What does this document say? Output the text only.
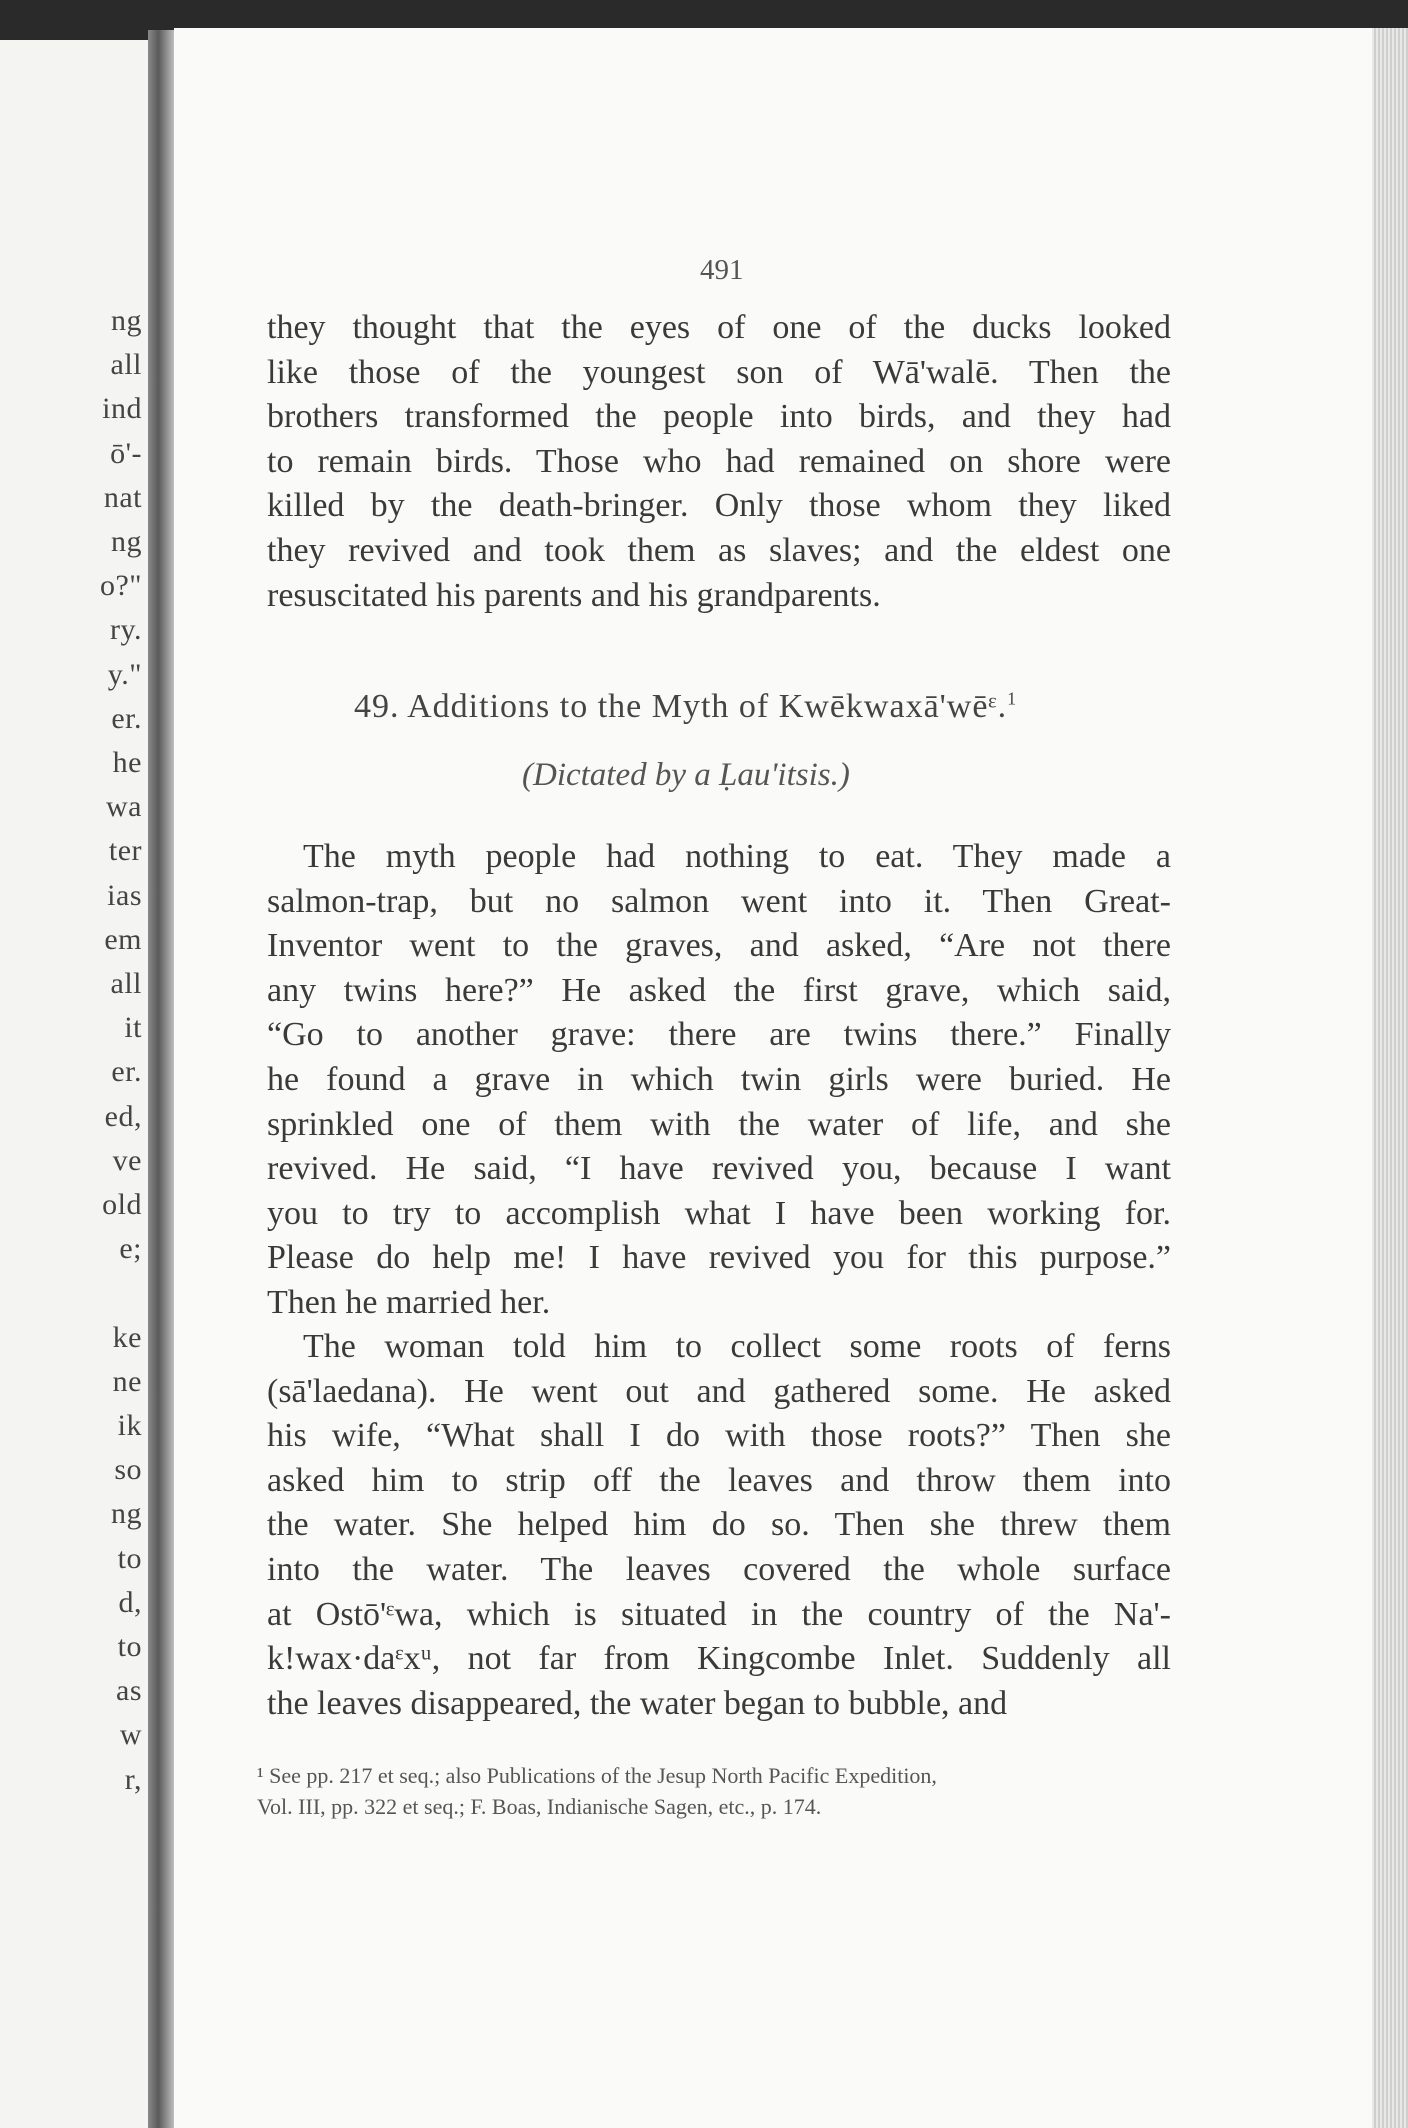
ng
all
ind
ō'-
nat
ng
o?"
ry.
y."
er.
he
wa
ter
ias
em
all
it
er.
ed,
ve
old
e;
ke
ne
ik
so
ng
to
d,
to
as
w
r,
491
they thought that the eyes of one of the ducks looked
like those of the youngest son of Wā'walē. Then the
brothers transformed the people into birds, and they had
to remain birds. Those who had remained on shore were
killed by the death-bringer. Only those whom they liked
they revived and took them as slaves; and the eldest one
resuscitated his parents and his grandparents.
49. Additions to the Myth of Kwēkwaxā'wēᵋ.$^1$
(Dictated by a Ḷau'itsis.)
The myth people had nothing to eat. They made a
salmon-trap, but no salmon went into it. Then Great-
Inventor went to the graves, and asked, “Are not there
any twins here?” He asked the first grave, which said,
“Go to another grave: there are twins there.” Finally
he found a grave in which twin girls were buried. He
sprinkled one of them with the water of life, and she
revived. He said, “I have revived you, because I want
you to try to accomplish what I have been working for.
Please do help me! I have revived you for this purpose.”
Then he married her.
The woman told him to collect some roots of ferns
(sā'laedana). He went out and gathered some. He asked
his wife, “What shall I do with those roots?” Then she
asked him to strip off the leaves and throw them into
the water. She helped him do so. Then she threw them
into the water. The leaves covered the whole surface
at Ostō'ᵋwa, which is situated in the country of the Na'-
k!wax·daᵋxᵘ, not far from Kingcombe Inlet. Suddenly all
the leaves disappeared, the water began to bubble, and
¹ See pp. 217 et seq.; also Publications of the Jesup North Pacific Expedition,
Vol. III, pp. 322 et seq.; F. Boas, Indianische Sagen, etc., p. 174.
